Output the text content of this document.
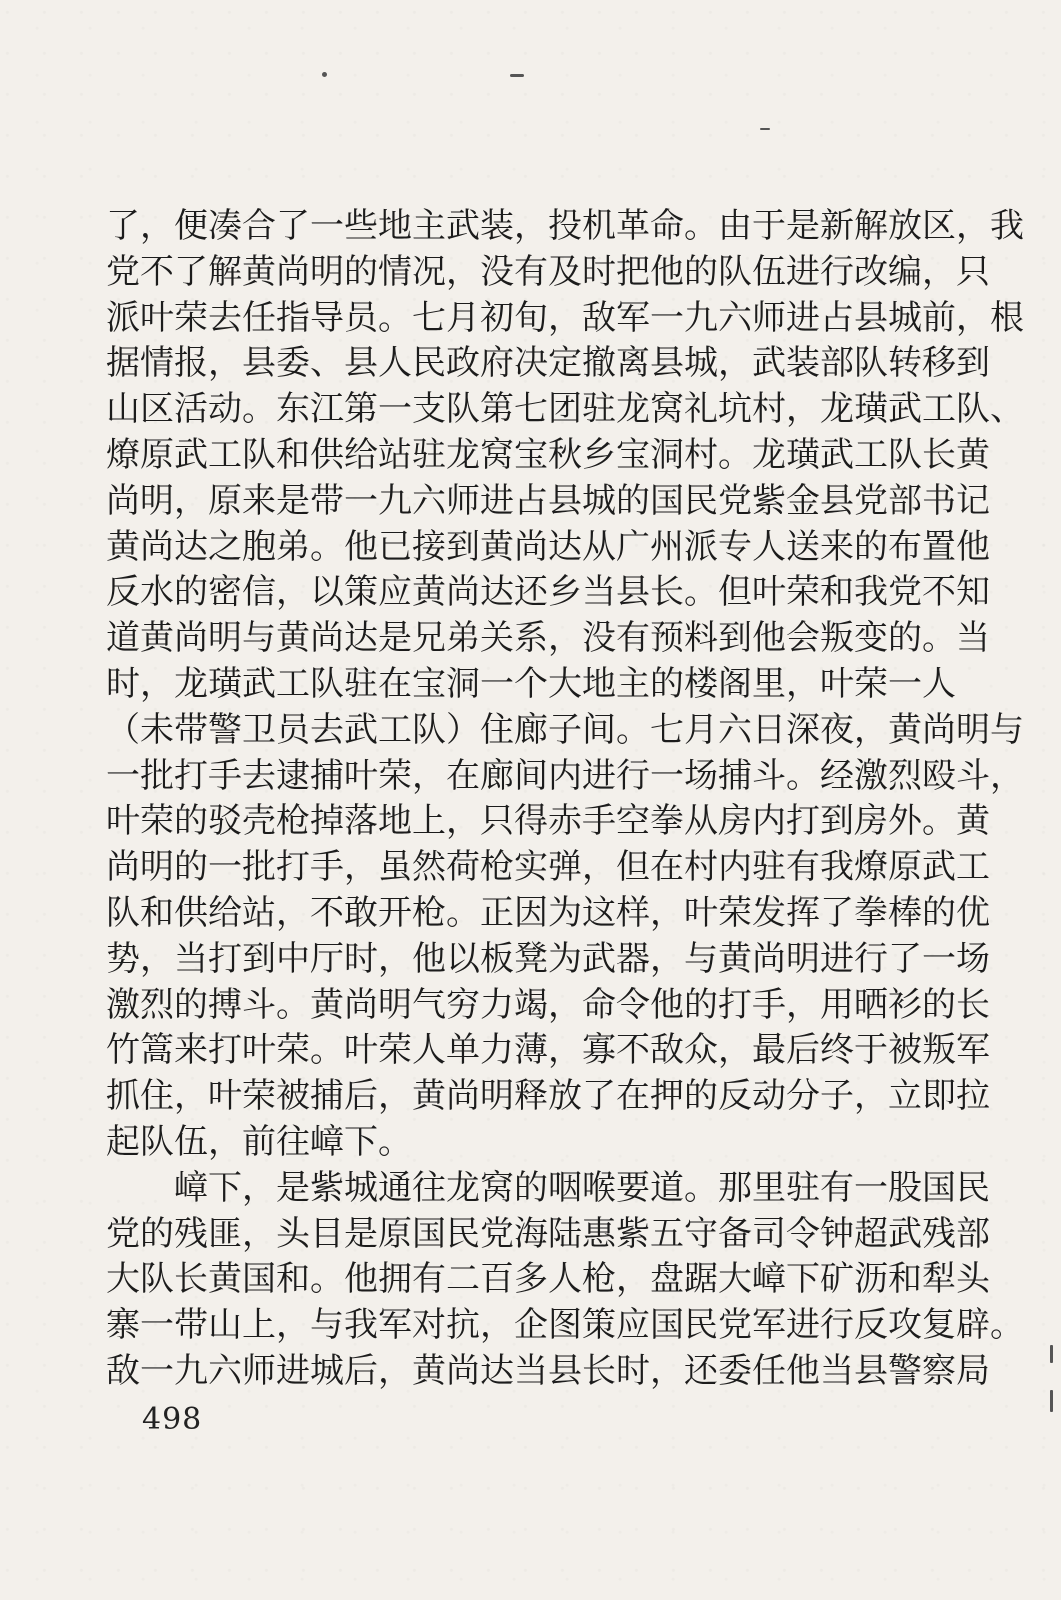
了，便凑合了一些地主武装，投机革命。由于是新解放区，我
党不了解黄尚明的情况，没有及时把他的队伍进行改编，只
派叶荣去任指导员。七月初旬，敌军一九六师进占县城前，根
据情报，县委、县人民政府决定撤离县城，武装部队转移到
山区活动。东江第一支队第七团驻龙窝礼坑村，龙璜武工队、
燎原武工队和供给站驻龙窝宝秋乡宝洞村。龙璜武工队长黄
尚明，原来是带一九六师进占县城的国民党紫金县党部书记
黄尚达之胞弟。他已接到黄尚达从广州派专人送来的布置他
反水的密信，以策应黄尚达还乡当县长。但叶荣和我党不知
道黄尚明与黄尚达是兄弟关系，没有预料到他会叛变的。当
时，龙璜武工队驻在宝洞一个大地主的楼阁里，叶荣一人
（未带警卫员去武工队）住廊子间。七月六日深夜，黄尚明与
一批打手去逮捕叶荣，在廊间内进行一场捕斗。经激烈殴斗，
叶荣的驳壳枪掉落地上，只得赤手空拳从房内打到房外。黄
尚明的一批打手，虽然荷枪实弹，但在村内驻有我燎原武工
队和供给站，不敢开枪。正因为这样，叶荣发挥了拳棒的优
势，当打到中厅时，他以板凳为武器，与黄尚明进行了一场
激烈的搏斗。黄尚明气穷力竭，命令他的打手，用晒衫的长
竹篙来打叶荣。叶荣人单力薄，寡不敌众，最后终于被叛军
抓住，叶荣被捕后，黄尚明释放了在押的反动分子，立即拉
起队伍，前往嶂下。
嶂下，是紫城通往龙窝的咽喉要道。那里驻有一股国民
党的残匪，头目是原国民党海陆惠紫五守备司令钟超武残部
大队长黄国和。他拥有二百多人枪，盘踞大嶂下矿沥和犁头
寨一带山上，与我军对抗，企图策应国民党军进行反攻复辟。
敌一九六师进城后，黄尚达当县长时，还委任他当县警察局
498
